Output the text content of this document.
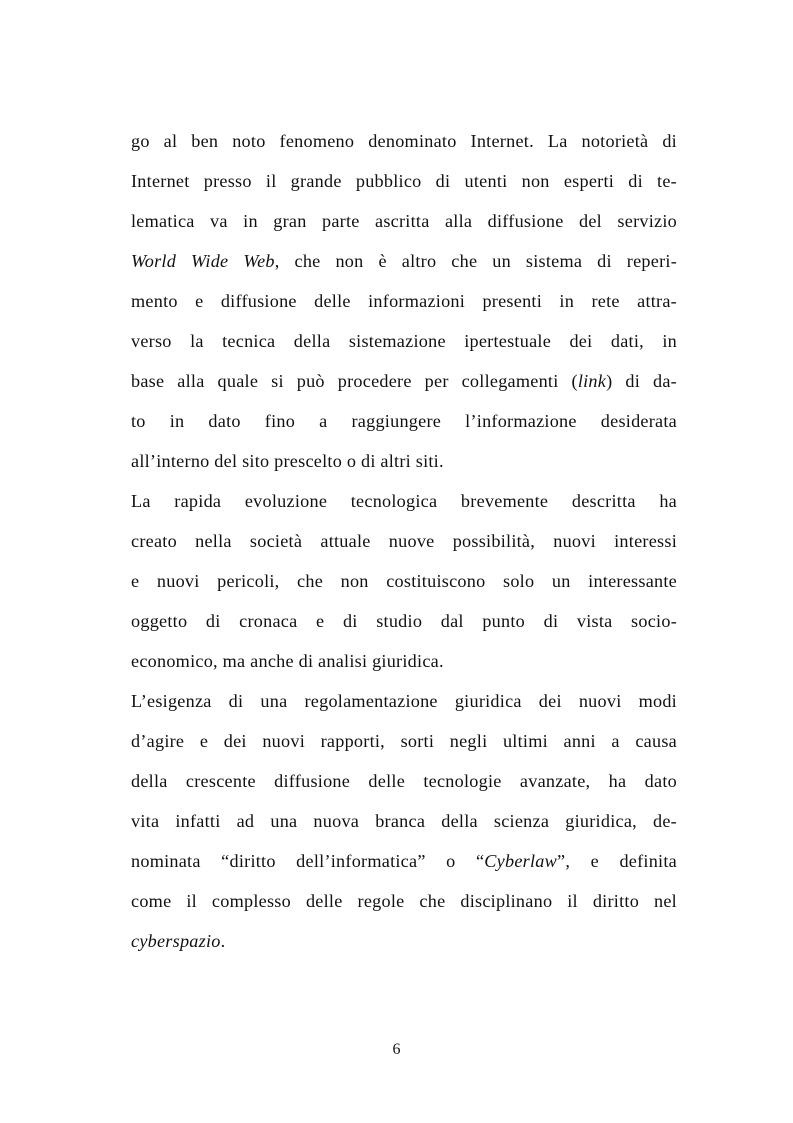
go al ben noto fenomeno denominato Internet. La notorietà di
Internet presso il grande pubblico di utenti non esperti di te-
lematica va in gran parte ascritta alla diffusione del servizio
World Wide Web, che non è altro che un sistema di reperi-
mento e diffusione delle informazioni presenti in rete attra-
verso la tecnica della sistemazione ipertestuale dei dati, in
base alla quale si può procedere per collegamenti (link) di da-
to in dato fino a raggiungere l’informazione desiderata
all’interno del sito prescelto o di altri siti.
La rapida evoluzione tecnologica brevemente descritta ha
creato nella società attuale nuove possibilità, nuovi interessi
e nuovi pericoli, che non costituiscono solo un interessante
oggetto di cronaca e di studio dal punto di vista socio-
economico, ma anche di analisi giuridica.
L’esigenza di una regolamentazione giuridica dei nuovi modi
d’agire e dei nuovi rapporti, sorti negli ultimi anni a causa
della crescente diffusione delle tecnologie avanzate, ha dato
vita infatti ad una nuova branca della scienza giuridica, de-
nominata “diritto dell’informatica” o “Cyberlaw”, e definita
come il complesso delle regole che disciplinano il diritto nel
cyberspazio.
6
